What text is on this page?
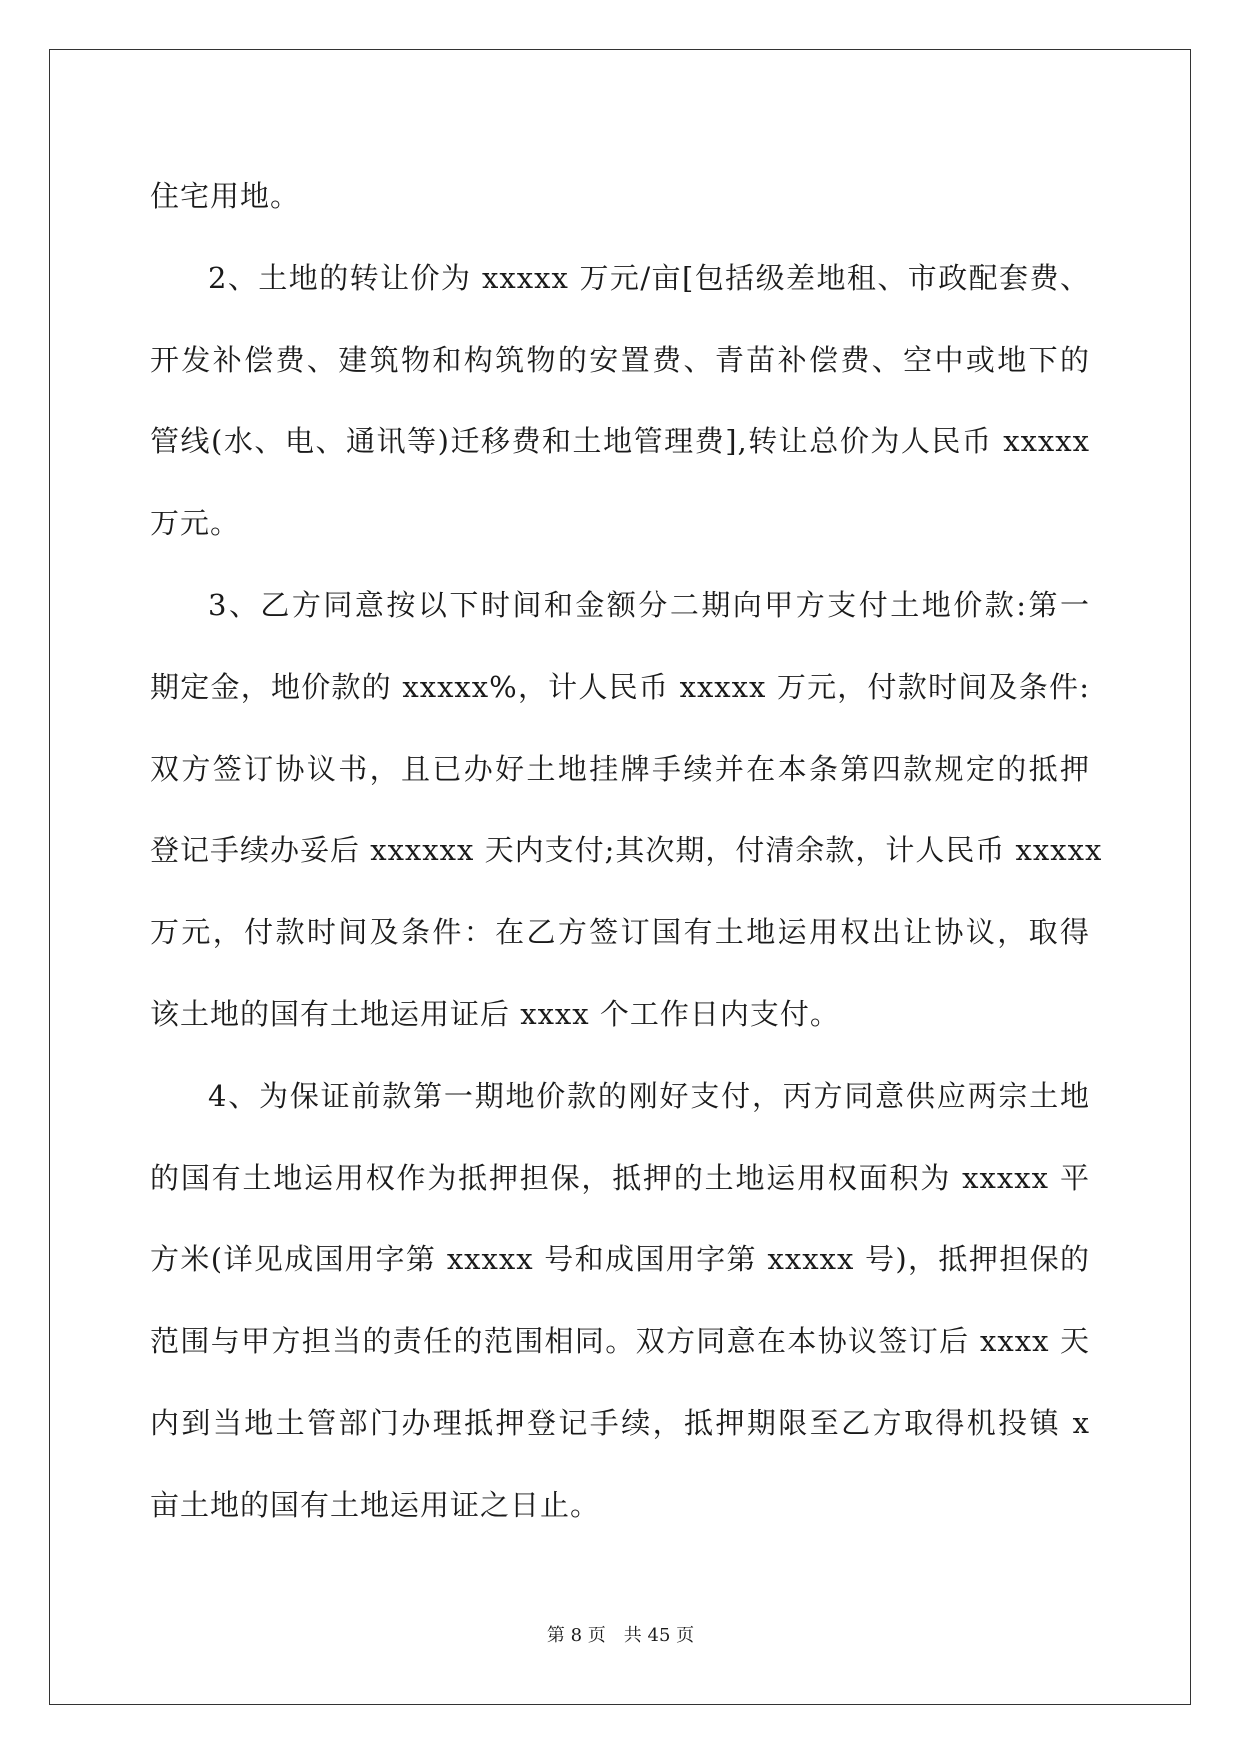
住宅用地。
2、土地的转让价为 xxxxx 万元/亩[包括级差地租、市政配套费、
开发补偿费、建筑物和构筑物的安置费、青苗补偿费、空中或地下的
管线(水、电、通讯等)迁移费和土地管理费],转让总价为人民币 xxxxx
万元。
3、乙方同意按以下时间和金额分二期向甲方支付土地价款:第一
期定金，地价款的 xxxxx%，计人民币 xxxxx 万元，付款时间及条件:
双方签订协议书，且已办好土地挂牌手续并在本条第四款规定的抵押
登记手续办妥后 xxxxxx 天内支付;其次期，付清余款，计人民币 xxxxx
万元，付款时间及条件：在乙方签订国有土地运用权出让协议，取得
该土地的国有土地运用证后 xxxx 个工作日内支付。
4、为保证前款第一期地价款的刚好支付，丙方同意供应两宗土地
的国有土地运用权作为抵押担保，抵押的土地运用权面积为 xxxxx 平
方米(详见成国用字第 xxxxx 号和成国用字第 xxxxx 号)，抵押担保的
范围与甲方担当的责任的范围相同。双方同意在本协议签订后 xxxx 天
内到当地土管部门办理抵押登记手续，抵押期限至乙方取得机投镇 x
亩土地的国有土地运用证之日止。
第 8 页 共 45 页
